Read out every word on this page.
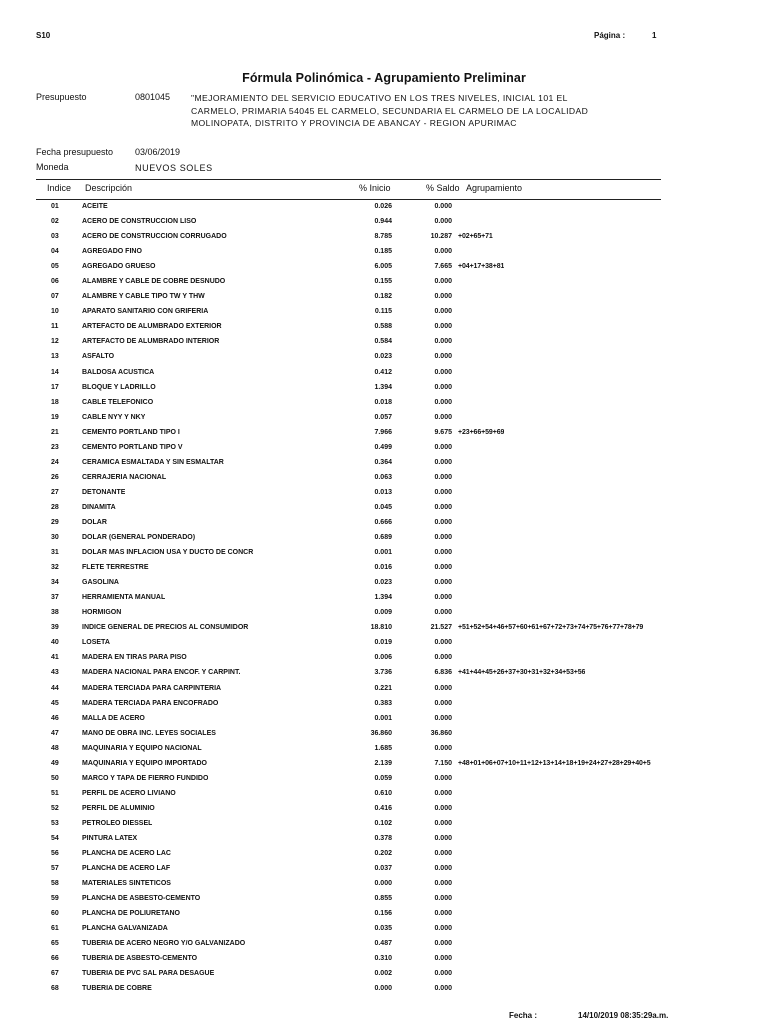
S10	Página :	1
Fórmula Polinómica - Agrupamiento Preliminar
Presupuesto	0801045 "MEJORAMIENTO DEL SERVICIO EDUCATIVO EN LOS TRES NIVELES, INICIAL 101 EL CARMELO, PRIMARIA 54045 EL CARMELO, SECUNDARIA EL CARMELO DE LA LOCALIDAD MOLINOPATA, DISTRITO Y PROVINCIA DE ABANCAY - REGION APURIMAC
Fecha presupuesto 03/06/2019
Moneda	NUEVOS SOLES
Indice Descripción	% Inicio	% Saldo Agrupamiento
01	ACEITE	0.026	0.000
02	ACERO DE CONSTRUCCION LISO	0.944	0.000
03	ACERO DE CONSTRUCCION CORRUGADO	8.785	10.287 +02+65+71
04	AGREGADO FINO	0.185	0.000
05	AGREGADO GRUESO	6.005	7.665 +04+17+38+81
06	ALAMBRE Y CABLE DE COBRE DESNUDO	0.155	0.000
07	ALAMBRE Y CABLE TIPO TW Y THW	0.182	0.000
10	APARATO SANITARIO CON GRIFERIA	0.115	0.000
11	ARTEFACTO DE ALUMBRADO EXTERIOR	0.588	0.000
12	ARTEFACTO DE ALUMBRADO INTERIOR	0.584	0.000
13	ASFALTO	0.023	0.000
14	BALDOSA ACUSTICA	0.412	0.000
17	BLOQUE Y LADRILLO	1.394	0.000
18	CABLE TELEFONICO	0.018	0.000
19	CABLE NYY Y NKY	0.057	0.000
21	CEMENTO PORTLAND TIPO I	7.966	9.675 +23+66+59+69
23	CEMENTO PORTLAND TIPO V	0.499	0.000
24	CERAMICA ESMALTADA Y SIN ESMALTAR	0.364	0.000
26	CERRAJERIA NACIONAL	0.063	0.000
27	DETONANTE	0.013	0.000
28	DINAMITA	0.045	0.000
29	DOLAR	0.666	0.000
30	DOLAR (GENERAL PONDERADO)	0.689	0.000
31	DOLAR MAS INFLACION USA Y DUCTO DE CONCR	0.001	0.000
32	FLETE TERRESTRE	0.016	0.000
34	GASOLINA	0.023	0.000
37	HERRAMIENTA MANUAL	1.394	0.000
38	HORMIGON	0.009	0.000
39	INDICE GENERAL DE PRECIOS AL CONSUMIDOR	18.810	21.527 +51+52+54+46+57+60+61+67+72+73+74+75+76+77+78+79
40	LOSETA	0.019	0.000
41	MADERA EN TIRAS PARA PISO	0.006	0.000
43	MADERA NACIONAL PARA ENCOF. Y CARPINT.	3.736	6.836 +41+44+45+26+37+30+31+32+34+53+56
44	MADERA TERCIADA PARA CARPINTERIA	0.221	0.000
45	MADERA TERCIADA PARA ENCOFRADO	0.383	0.000
46	MALLA DE ACERO	0.001	0.000
47	MANO DE OBRA INC. LEYES SOCIALES	36.860	36.860
48	MAQUINARIA Y EQUIPO NACIONAL	1.685	0.000
49	MAQUINARIA Y EQUIPO IMPORTADO	2.139	7.150 +48+01+06+07+10+11+12+13+14+18+19+24+27+28+29+40+5
50	MARCO Y TAPA DE FIERRO FUNDIDO	0.059	0.000
51	PERFIL DE ACERO LIVIANO	0.610	0.000
52	PERFIL DE ALUMINIO	0.416	0.000
53	PETROLEO DIESSEL	0.102	0.000
54	PINTURA LATEX	0.378	0.000
56	PLANCHA DE ACERO LAC	0.202	0.000
57	PLANCHA DE ACERO LAF	0.037	0.000
58	MATERIALES SINTETICOS	0.000	0.000
59	PLANCHA DE ASBESTO-CEMENTO	0.855	0.000
60	PLANCHA DE POLIURETANO	0.156	0.000
61	PLANCHA GALVANIZADA	0.035	0.000
65	TUBERIA DE ACERO NEGRO Y/O GALVANIZADO	0.487	0.000
66	TUBERIA DE ASBESTO-CEMENTO	0.310	0.000
67	TUBERIA DE PVC SAL PARA DESAGÜE	0.002	0.000
68	TUBERIA DE COBRE	0.000	0.000
Fecha :	14/10/2019 08:35:29a.m.
